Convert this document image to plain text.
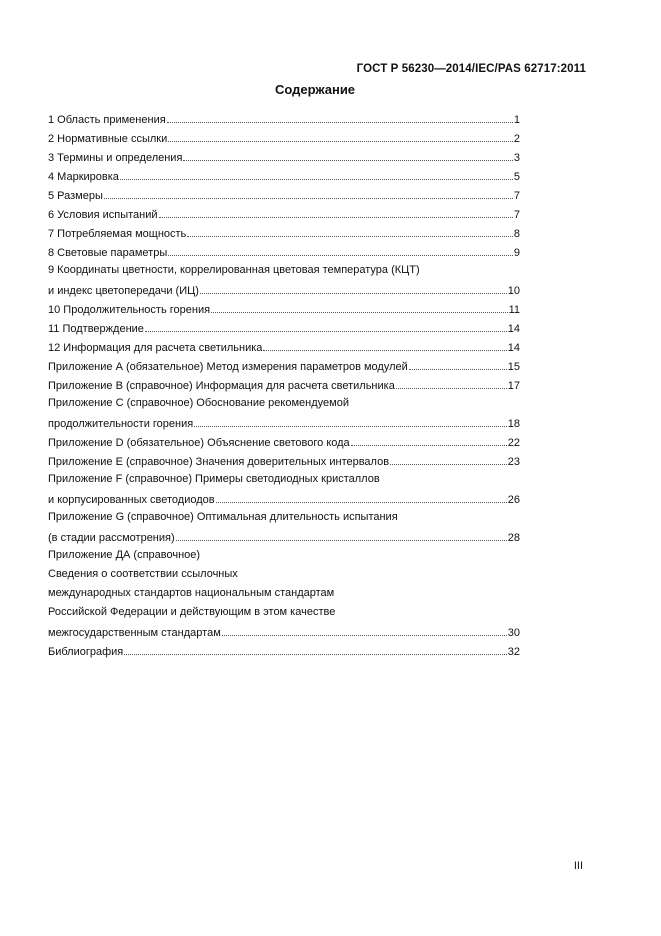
ГОСТ Р 56230—2014/IEC/PAS 62717:2011
Содержание
1 Область применения	1
2 Нормативные ссылки	2
3 Термины и определения	3
4 Маркировка	5
5 Размеры	7
6 Условия испытаний	7
7 Потребляемая мощность	8
8 Световые параметры	9
9 Координаты цветности, коррелированная цветовая температура (КЦТ)
и индекс цветопередачи (ИЦ)	10
10 Продолжительность горения	11
11 Подтверждение	14
12 Информация для расчета светильника	14
Приложение А (обязательное) Метод измерения параметров модулей	15
Приложение В (справочное) Информация для расчета светильника	17
Приложение С (справочное) Обоснование рекомендуемой
продолжительности горения	18
Приложение D (обязательное) Объяснение светового кода	22
Приложение Е (справочное) Значения доверительных интервалов	23
Приложение F (справочное) Примеры светодиодных кристаллов
и корпусированных светодиодов	26
Приложение G (справочное) Оптимальная длительность испытания
(в стадии рассмотрения)	28
Приложение ДА (справочное)
Сведения о соответствии ссылочных
международных стандартов национальным стандартам
Российской Федерации и действующим в этом качестве
межгосударственным стандартам	30
Библиография	32
III
